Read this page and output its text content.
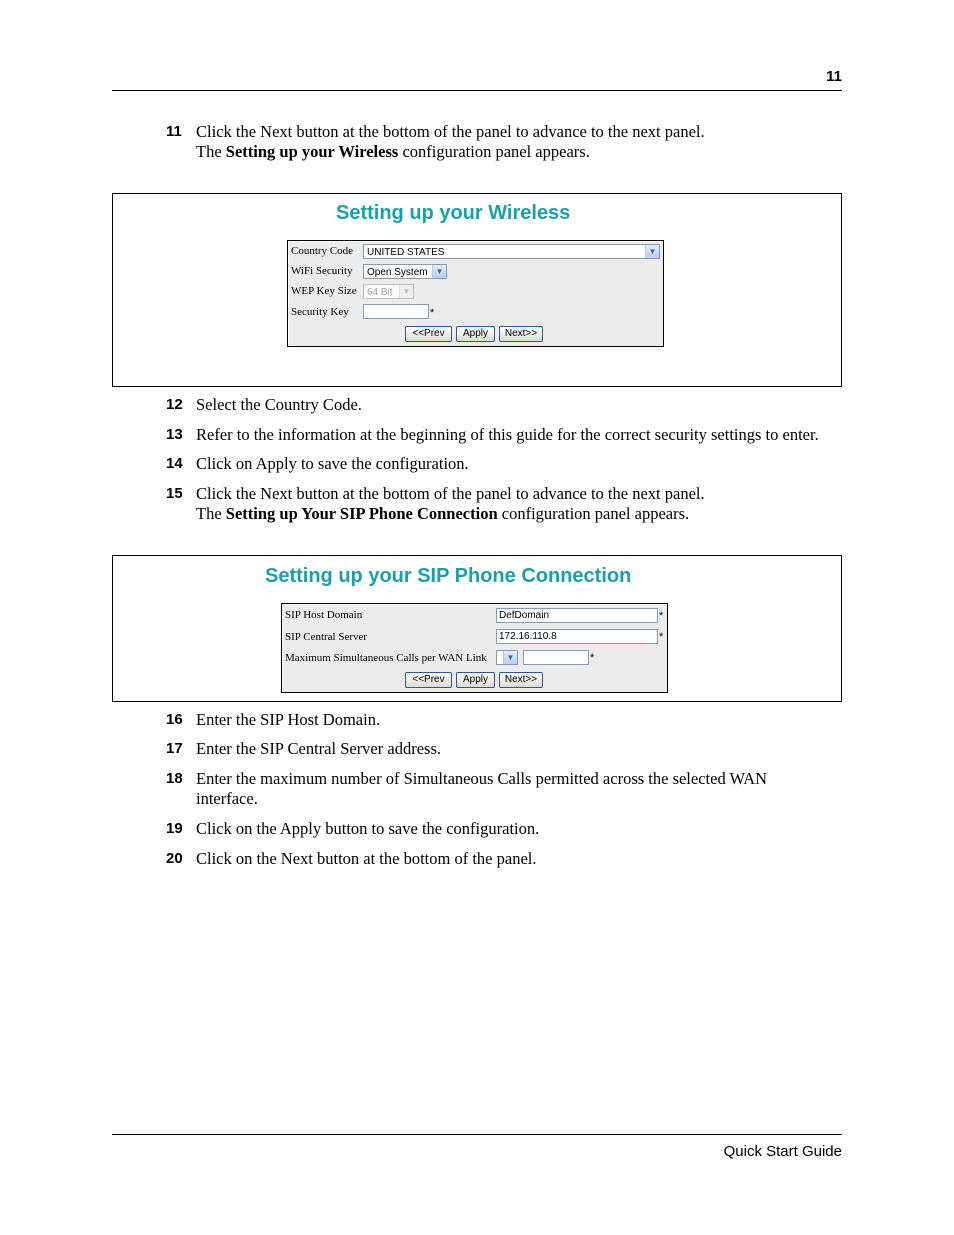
11
11 Click the Next button at the bottom of the panel to advance to the next panel.
The Setting up your Wireless configuration panel appears.
Setting up your Wireless
Country Code	UNITED STATES	▼
WiFi Security	Open System ▼
WEP Key Size	64 Bit	▼
Security Key	*
<<Prev	Apply	Next>>
12 Select the Country Code.
13 Refer to the information at the beginning of this guide for the correct security settings to enter.
14 Click on Apply to save the configuration.
15 Click the Next button at the bottom of the panel to advance to the next panel.
The Setting up Your SIP Phone Connection configuration panel appears.
Setting up your SIP Phone Connection
SIP Host Domain	DefDomain	*
SIP Central Server	172.16.110.8	*
Maximum Simultaneous Calls per WAN Link	▼	*
<<Prev	Apply	Next>>
16 Enter the SIP Host Domain.
17 Enter the SIP Central Server address.
18 Enter the maximum number of Simultaneous Calls permitted across the selected WAN interface.
19 Click on the Apply button to save the configuration.
20 Click on the Next button at the bottom of the panel.
Quick Start Guide
